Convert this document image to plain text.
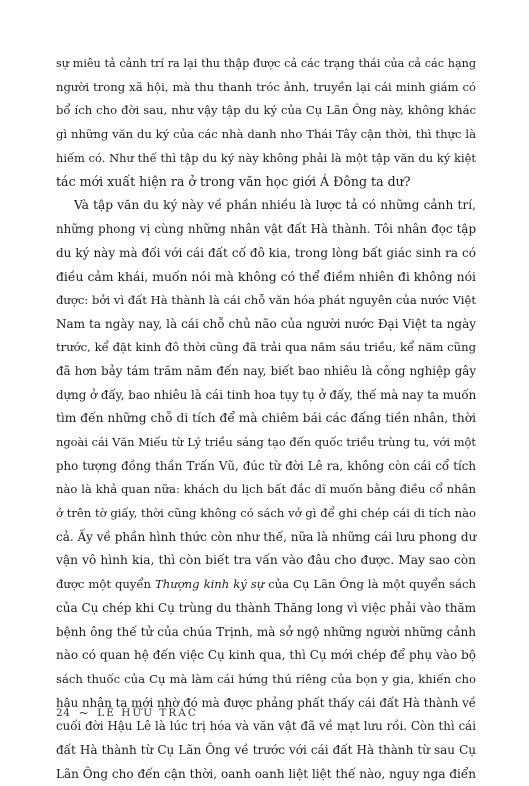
sự miêu tả cảnh trí ra lại thu thập được cả các trạng thái của cả các hạng
người trong xã hội, mà thu thanh tróc ảnh, truyền lại cái minh giám có
bổ ích cho đời sau, như vậy tập du ký của Cụ Lãn Ông này, không khác
gì những văn du ký của các nhà danh nho Thái Tây cận thời, thì thực là
hiếm có. Như thế thì tập du ký này không phải là một tập văn du ký kiệt
tác mới xuất hiện ra ở trong văn học giới Á Đông ta dư?
Và tập văn du ký này về phần nhiều là lược tả có những cảnh trí,
những phong vị cùng những nhân vật đất Hà thành. Tôi nhân đọc tập
du ký này mà đối với cái đất cố đô kia, trong lòng bất giác sinh ra có
điều cảm khái, muốn nói mà không có thể điềm nhiên đi không nói
được: bởi vì đất Hà thành là cái chỗ văn hóa phát nguyên của nước Việt
Nam ta ngày nay, là cái chỗ chủ não của người nước Đại Việt ta ngày
trước, kể đặt kinh đô thời cũng đã trải qua năm sáu triều, kể năm cũng
đã hơn bảy tám trăm năm đến nay, biết bao nhiêu là công nghiệp gây
dựng ở đấy, bao nhiêu là cái tinh hoa tụy tụ ở đấy, thế mà nay ta muốn
tìm đến những chỗ di tích để mà chiêm bái các đấng tiền nhân, thời
ngoài cái Văn Miếu từ Lý triều sáng tạo đến quốc triều trùng tu, với một
pho tượng đồng thần Trấn Vũ, đúc từ đời Lê ra, không còn cái cổ tích
nào là khả quan nữa: khách du lịch bất đắc dĩ muốn bằng điều cổ nhân
ở trên tờ giấy, thời cũng không có sách vở gì để ghi chép cái di tích nào
cả. Ấy về phần hình thức còn như thế, nữa là những cái lưu phong dư
vận vô hình kia, thì còn biết tra vấn vào đâu cho được. May sao còn
được một quyển Thượng kinh ký sự của Cụ Lãn Ông là một quyển sách
của Cụ chép khi Cụ trùng du thành Thăng long vì việc phải vào thăm
bệnh ông thế tử của chúa Trịnh, mà sở ngộ những người những cảnh
nào có quan hệ đến việc Cụ kinh qua, thì Cụ mới chép để phụ vào bộ
sách thuốc của Cụ mà làm cái hứng thú riêng của bọn y gia, khiến cho
hậu nhân ta mới nhờ đó mà được phảng phất thấy cái đất Hà thành về
cuối đời Hậu Lê là lúc trị hóa và văn vật đã về mạt lưu rồi. Còn thì cái
đất Hà thành từ Cụ Lãn Ông về trước với cái đất Hà thành từ sau Cụ
Lãn Ông cho đến cận thời, oanh oanh liệt liệt thế nào, nguy nga điển
24 ~ LÊ HỮU TRÁC
